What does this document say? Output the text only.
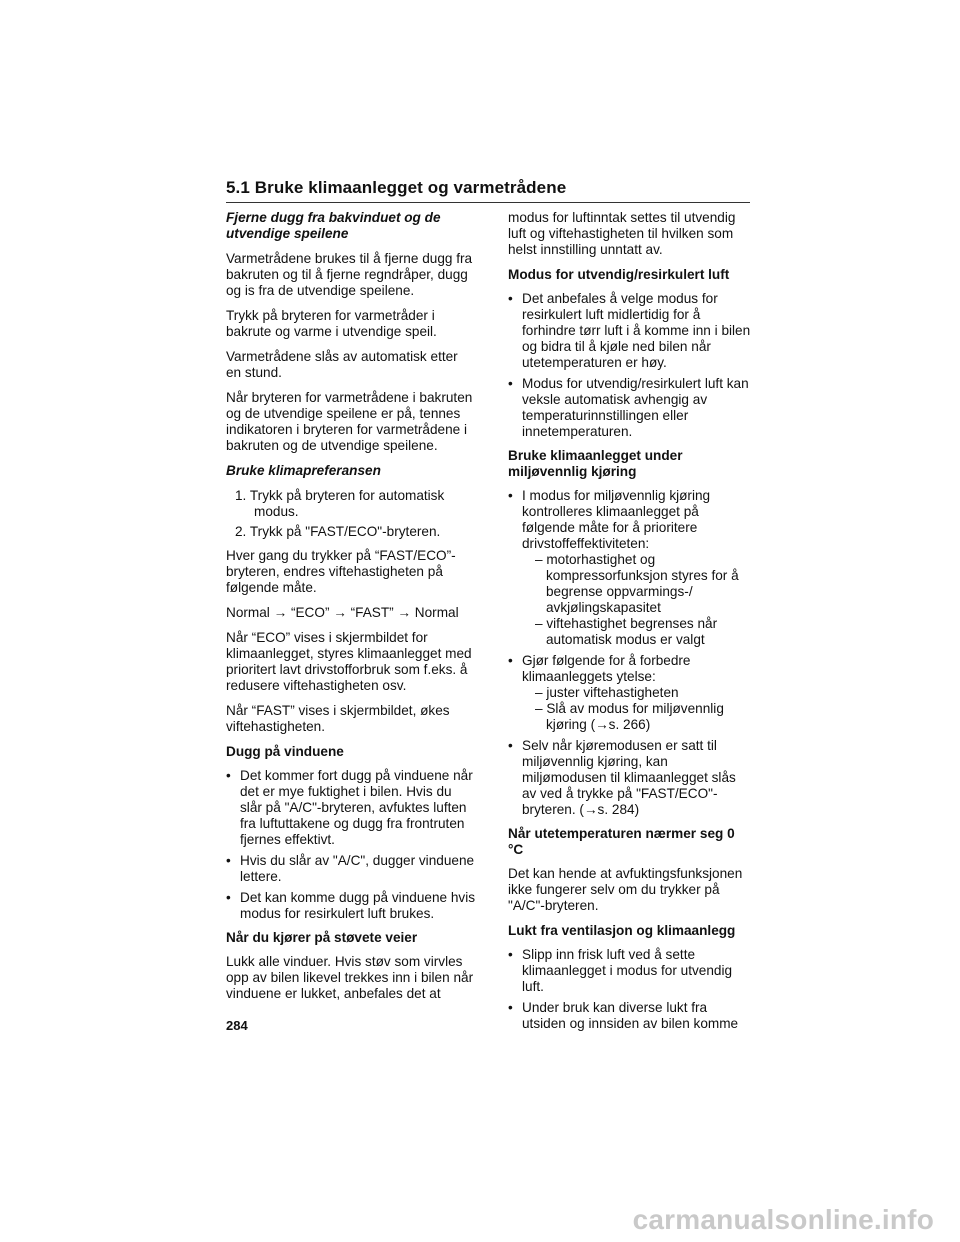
5.1 Bruke klimaanlegget og varmetrådene

Fjerne dugg fra bakvinduet og de utvendige speilene

Varmetrådene brukes til å fjerne dugg fra bakruten og til å fjerne regndråper, dugg og is fra de utvendige speilene.

Trykk på bryteren for varmetråder i bakrute og varme i utvendige speil.

Varmetrådene slås av automatisk etter en stund.

Når bryteren for varmetrådene i bakruten og de utvendige speilene er på, tennes indikatoren i bryteren for varmetrådene i bakruten og de utvendige speilene.

Bruke klimapreferansen

1. Trykk på bryteren for automatisk modus.
2. Trykk på "FAST/ECO"-bryteren.

Hver gang du trykker på “FAST/ECO”-bryteren, endres viftehastigheten på følgende måte.

Normal → “ECO” → “FAST” → Normal

Når “ECO” vises i skjermbildet for klimaanlegget, styres klimaanlegget med prioritert lavt drivstofforbruk som f.eks. å redusere viftehastigheten osv.

Når “FAST” vises i skjermbildet, økes viftehastigheten.

Dugg på vinduene

• Det kommer fort dugg på vinduene når det er mye fuktighet i bilen. Hvis du slår på "A/C"-bryteren, avfuktes luften fra luftuttakene og dugg fra frontruten fjernes effektivt.
• Hvis du slår av "A/C", dugger vinduene lettere.
• Det kan komme dugg på vinduene hvis modus for resirkulert luft brukes.

Når du kjører på støvete veier

Lukk alle vinduer. Hvis støv som virvles opp av bilen likevel trekkes inn i bilen når vinduene er lukket, anbefales det at

modus for luftinntak settes til utvendig luft og viftehastigheten til hvilken som helst innstilling unntatt av.

Modus for utvendig/resirkulert luft

• Det anbefales å velge modus for resirkulert luft midlertidig for å forhindre tørr luft i å komme inn i bilen og bidra til å kjøle ned bilen når utetemperaturen er høy.
• Modus for utvendig/resirkulert luft kan veksle automatisk avhengig av temperaturinnstillingen eller innetemperaturen.

Bruke klimaanlegget under miljøvennlig kjøring

• I modus for miljøvennlig kjøring kontrolleres klimaanlegget på følgende måte for å prioritere drivstoffeffektiviteten:
– motorhastighet og kompressorfunksjon styres for å begrense oppvarmings-/ avkjølingskapasitet
– viftehastighet begrenses når automatisk modus er valgt
• Gjør følgende for å forbedre klimaanleggets ytelse:
– juster viftehastigheten
– Slå av modus for miljøvennlig kjøring (→s. 266)
• Selv når kjøremodusen er satt til miljøvennlig kjøring, kan miljømodusen til klimaanlegget slås av ved å trykke på "FAST/ECO"-bryteren. (→s. 284)

Når utetemperaturen nærmer seg 0 °C

Det kan hende at avfuktingsfunksjonen ikke fungerer selv om du trykker på "A/C"-bryteren.

Lukt fra ventilasjon og klimaanlegg

• Slipp inn frisk luft ved å sette klimaanlegget i modus for utvendig luft.
• Under bruk kan diverse lukt fra utsiden og innsiden av bilen komme
284
carmanualsonline.info
